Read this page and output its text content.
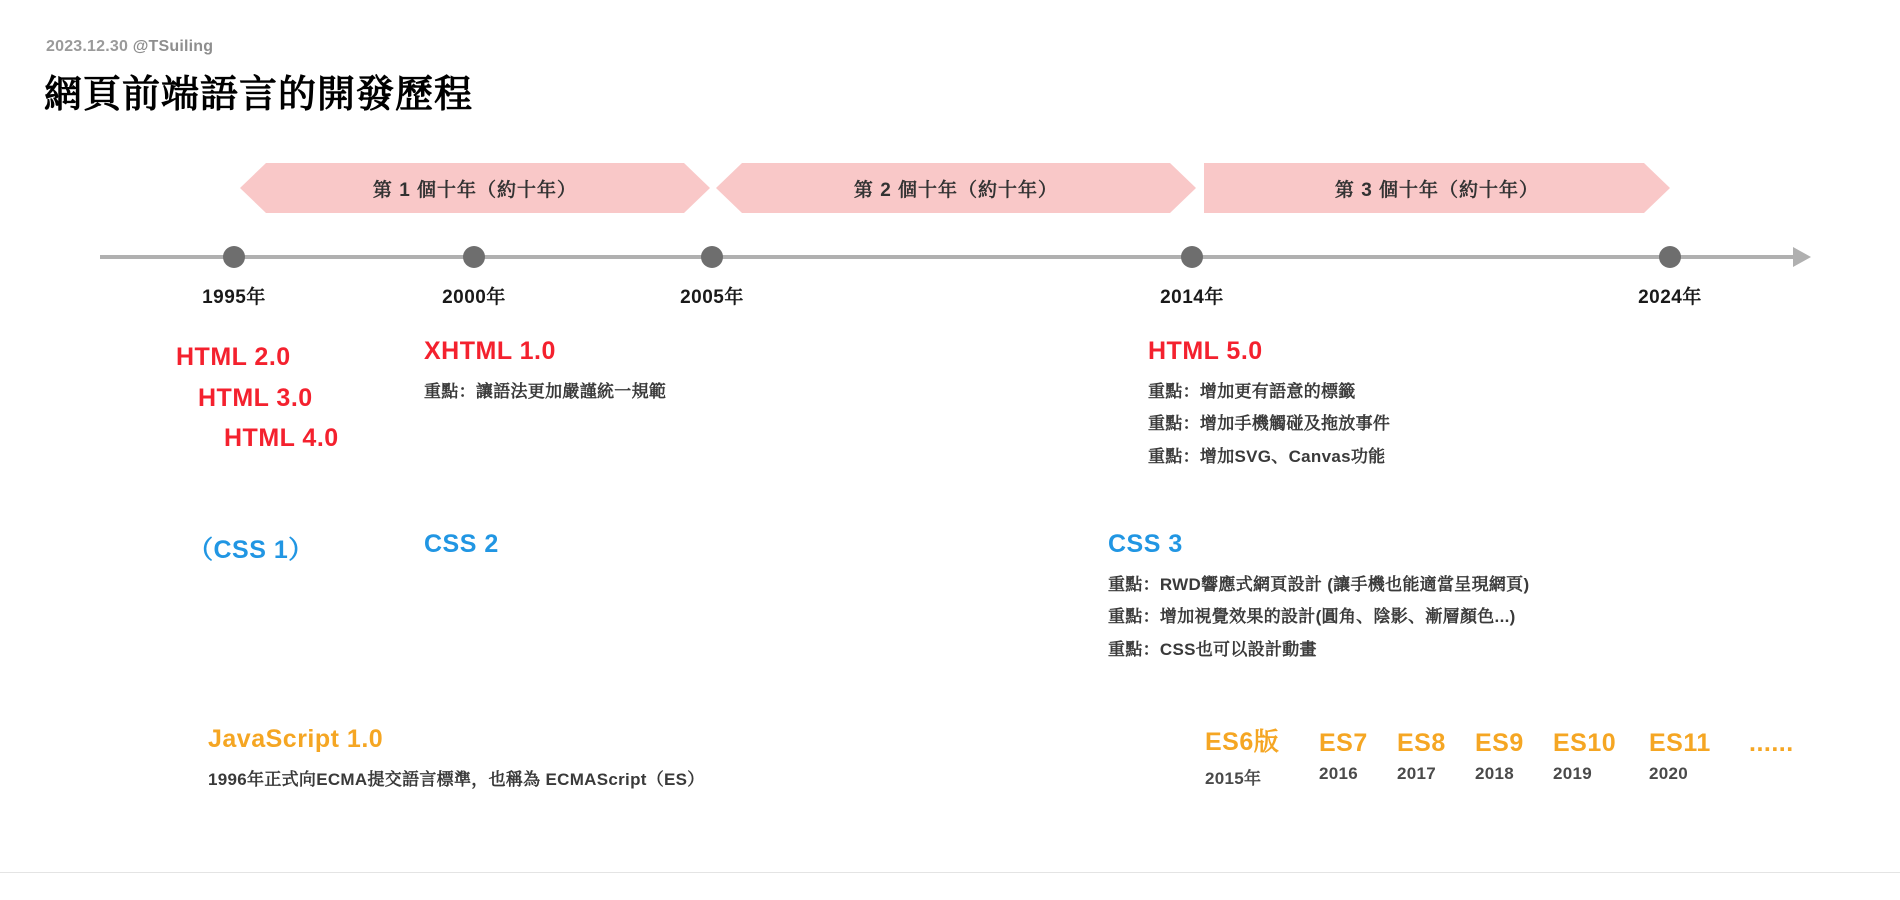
2023.12.30 @TSuiling
網頁前端語言的開發歷程
第 1 個十年（約十年）	第 2 個十年（約十年）	第 3 個十年（約十年）
1995年	2000年	2005年	2014年	2024年
HTML 2.0
HTML 3.0
HTML 4.0
XHTML 1.0
重點：讓語法更加嚴謹統一規範
HTML 5.0
重點：增加更有語意的標籤
重點：增加手機觸碰及拖放事件
重點：增加SVG、Canvas功能
（CSS 1）	CSS 2	CSS 3
重點：RWD響應式網頁設計 (讓手機也能適當呈現網頁)
重點：增加視覺效果的設計(圓角、陰影、漸層顏色...)
重點：CSS也可以設計動畫
JavaScript 1.0
1996年正式向ECMA提交語言標準，也稱為 ECMAScript（ES）
ES6版	ES7	ES8	ES9	ES10	ES11	......
2015年	2016	2017	2018	2019	2020
